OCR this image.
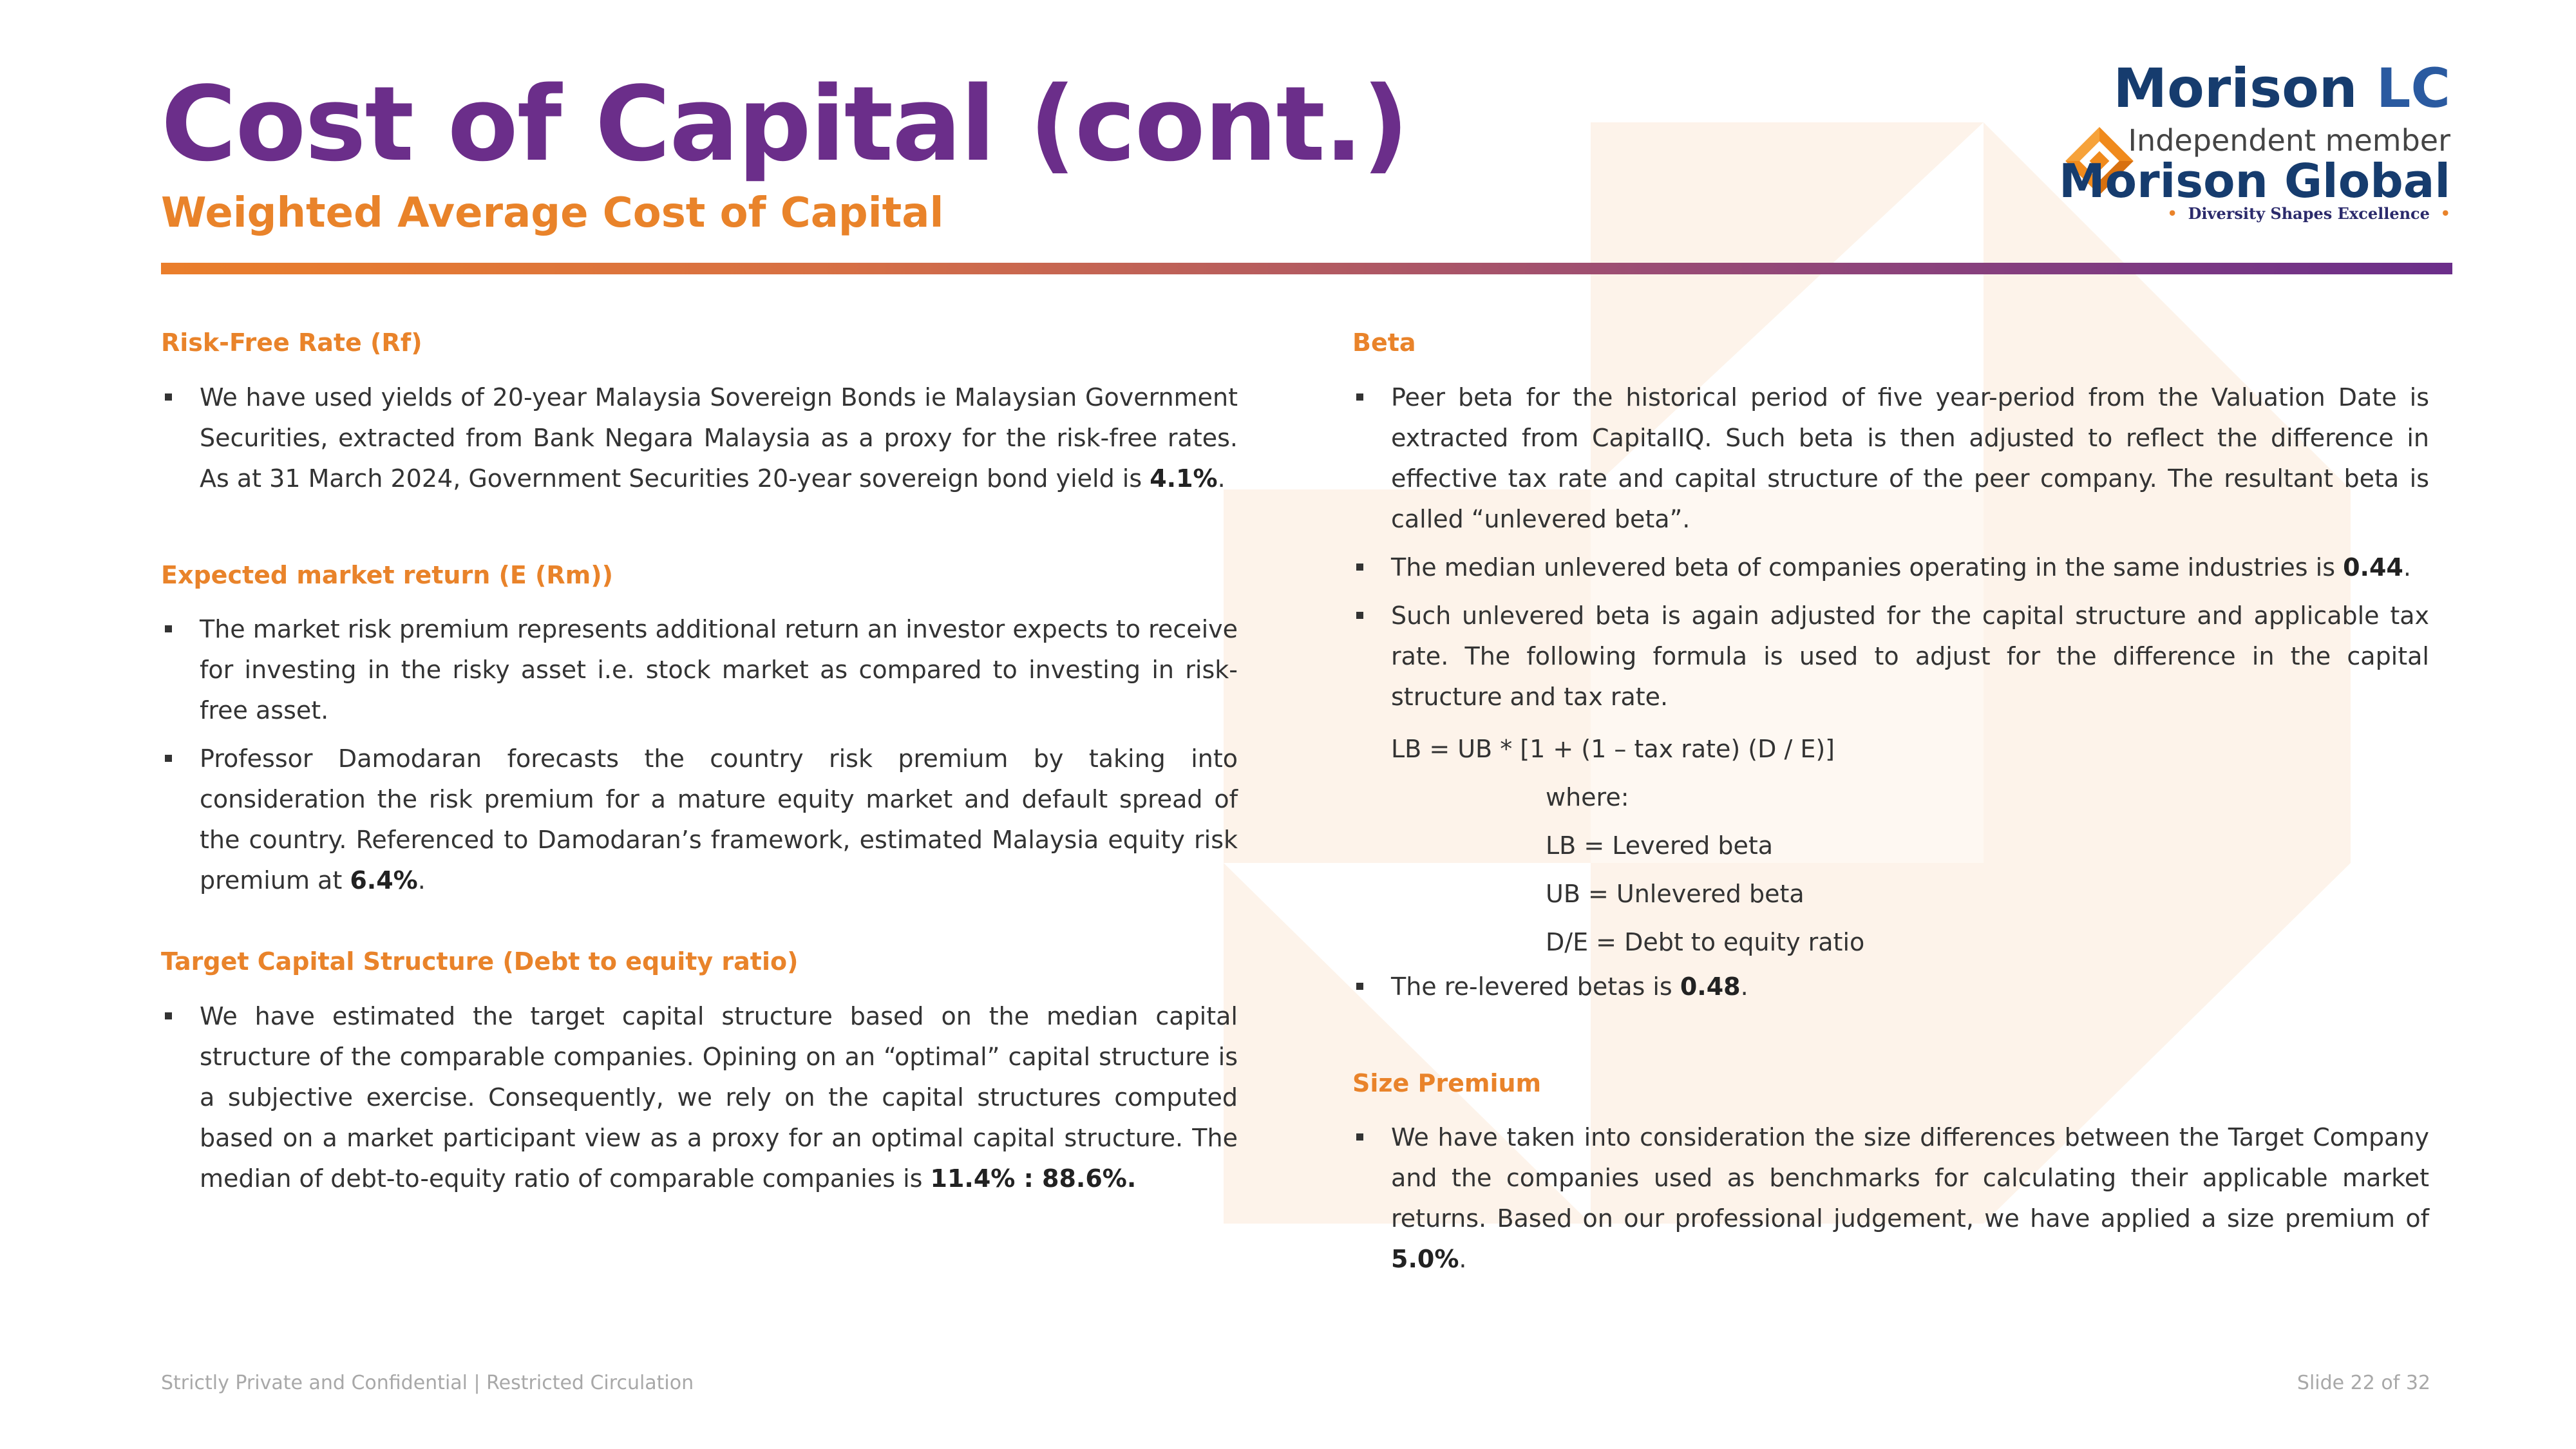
Cost of Capital (cont.)
Weighted Average Cost of Capital
Morison LC
Independent member
Morison Global
• Diversity Shapes Excellence •
Risk-Free Rate (Rf)
We have used yields of 20-year Malaysia Sovereign Bonds ie Malaysian Government Securities, extracted from Bank Negara Malaysia as a proxy for the risk-free rates. As at 31 March 2024, Government Securities 20-year sovereign bond yield is 4.1%.
Expected market return (E (Rm))
The market risk premium represents additional return an investor expects to receive for investing in the risky asset i.e. stock market as compared to investing in risk-free asset.
Professor Damodaran forecasts the country risk premium by taking into consideration the risk premium for a mature equity market and default spread of the country. Referenced to Damodaran’s framework, estimated Malaysia equity risk premium at 6.4%.
Target Capital Structure (Debt to equity ratio)
We have estimated the target capital structure based on the median capital structure of the comparable companies. Opining on an “optimal” capital structure is a subjective exercise. Consequently, we rely on the capital structures computed based on a market participant view as a proxy for an optimal capital structure. The median of debt-to-equity ratio of comparable companies is 11.4% : 88.6%.
Beta
Peer beta for the historical period of five year-period from the Valuation Date is extracted from CapitalIQ. Such beta is then adjusted to reflect the difference in effective tax rate and capital structure of the peer company. The resultant beta is called “unlevered beta”.
The median unlevered beta of companies operating in the same industries is 0.44.
Such unlevered beta is again adjusted for the capital structure and applicable tax rate. The following formula is used to adjust for the difference in the capital structure and tax rate.
LB = UB * [1 + (1 – tax rate) (D / E)]
where:
LB = Levered beta
UB = Unlevered beta
D/E = Debt to equity ratio
The re-levered betas is 0.48.
Size Premium
We have taken into consideration the size differences between the Target Company and the companies used as benchmarks for calculating their applicable market returns. Based on our professional judgement, we have applied a size premium of 5.0%.
Strictly Private and Confidential | Restricted Circulation	Slide 22 of 32
